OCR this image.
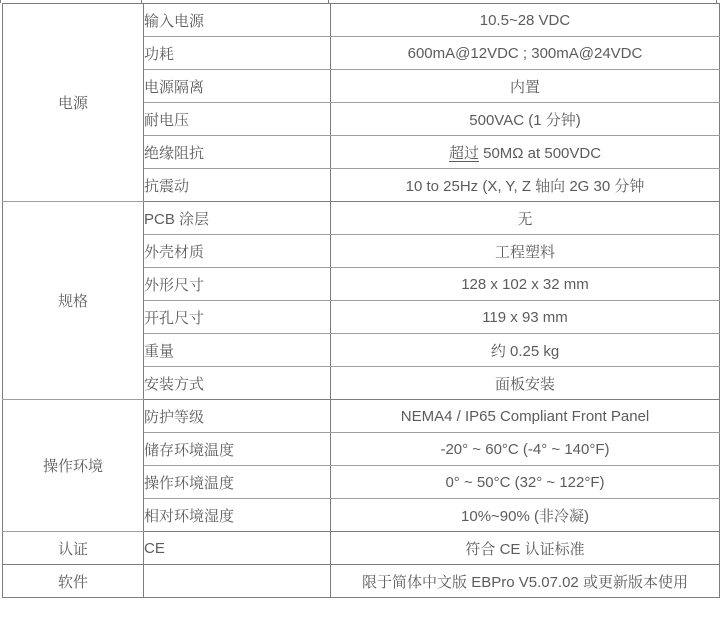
电源	输入电源	10.5~28 VDC
	功耗	600mA@12VDC ; 300mA@24VDC
	电源隔离	内置
	耐电压	500VAC (1 分钟)
	绝缘阻抗	超过 50MΩ at 500VDC
	抗震动	10 to 25Hz (X, Y, Z 轴向 2G 30 分钟
规格	PCB 涂层	无
	外壳材质	工程塑料
	外形尺寸	128 x 102 x 32 mm
	开孔尺寸	119 x 93 mm
	重量	约 0.25 kg
	安装方式	面板安装
操作环境	防护等级	NEMA4 / IP65 Compliant Front Panel
	储存环境温度	-20° ~ 60°C (-4° ~ 140°F)
	操作环境温度	0° ~ 50°C (32° ~ 122°F)
	相对环境湿度	10%~90% (非冷凝)
认证	CE	符合 CE 认证标准
软件		限于简体中文版 EBPro V5.07.02 或更新版本使用
